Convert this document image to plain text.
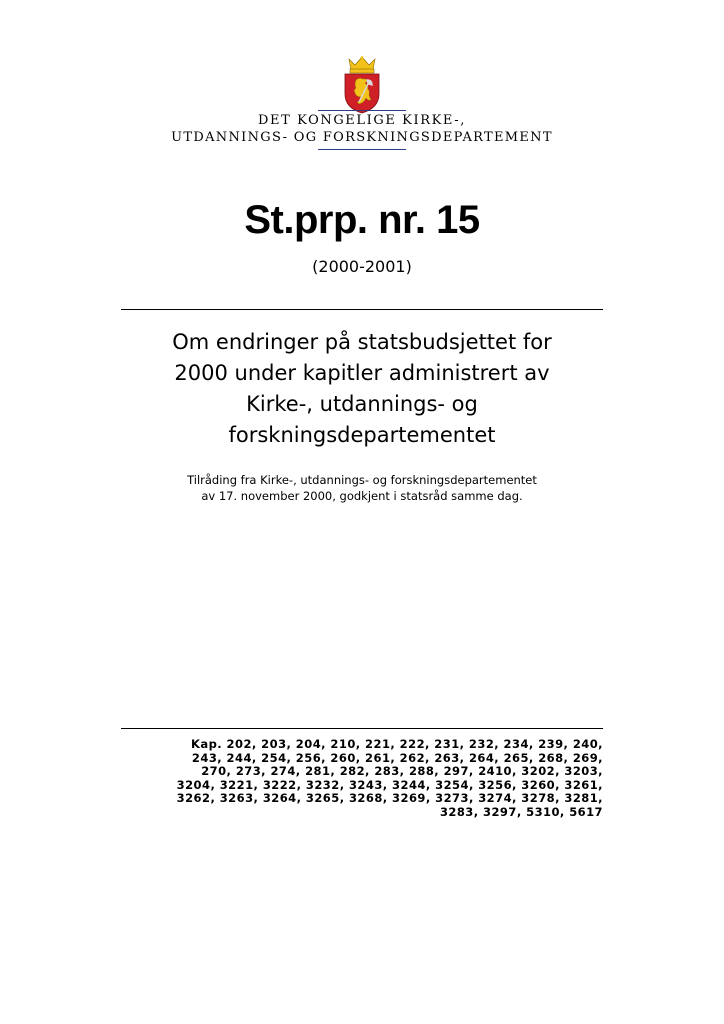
DET KONGELIGE KIRKE-,
UTDANNINGS- OG FORSKNINGSDEPARTEMENT
St.prp. nr. 15
(2000-2001)
Om endringer på statsbudsjettet for 2000 under kapitler administrert av Kirke-, utdannings- og forskningsdepartementet
Tilråding fra Kirke-, utdannings- og forskningsdepartementet
av 17. november 2000, godkjent i statsråd samme dag.
Kap. 202, 203, 204, 210, 221, 222, 231, 232, 234, 239, 240,
243, 244, 254, 256, 260, 261, 262, 263, 264, 265, 268, 269,
270, 273, 274, 281, 282, 283, 288, 297, 2410, 3202, 3203,
3204, 3221, 3222, 3232, 3243, 3244, 3254, 3256, 3260, 3261,
3262, 3263, 3264, 3265, 3268, 3269, 3273, 3274, 3278, 3281,
3283, 3297, 5310, 5617
